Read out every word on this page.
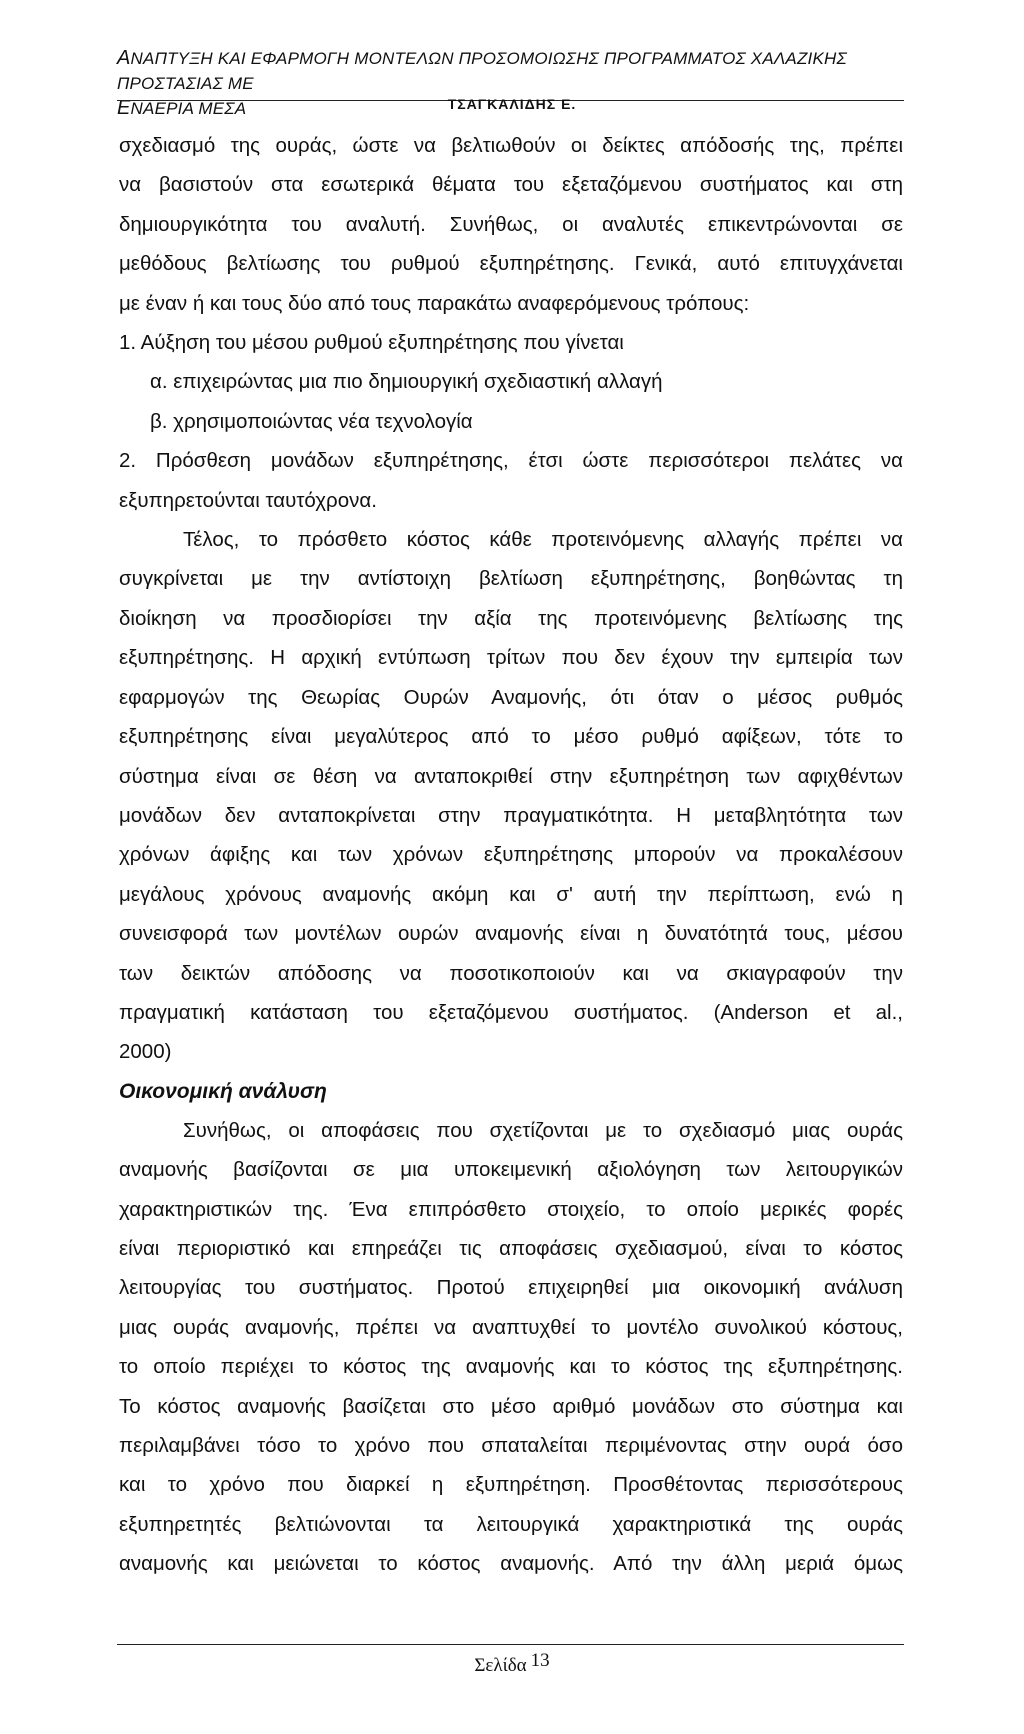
ΑΝΑΠΤΥΞΗ ΚΑΙ ΕΦΑΡΜΟΓΗ ΜΟΝΤΕΛΩΝ ΠΡΟΣΟΜΟΙΩΣΗΣ ΠΡΟΓΡΑΜΜΑΤΟΣ ΧΑΛΑΖΙΚΗΣ ΠΡΟΣΤΑΣΙΑΣ ΜΕ
ΕΝΑΕΡΙΑ ΜΕΣΑ	ΤΣΑΓΚΑΛΙΔΗΣ Ε.

σχεδιασμό της ουράς, ώστε να βελτιωθούν οι δείκτες απόδοσής της, πρέπει
να βασιστούν στα εσωτερικά θέματα του εξεταζόμενου συστήματος και στη
δημιουργικότητα του αναλυτή. Συνήθως, οι αναλυτές επικεντρώνονται σε
μεθόδους βελτίωσης του ρυθμού εξυπηρέτησης. Γενικά, αυτό επιτυγχάνεται
με έναν ή και τους δύο από τους παρακάτω αναφερόμενους τρόπους:

1. Αύξηση του μέσου ρυθμού εξυπηρέτησης που γίνεται

α. επιχειρώντας μια πιο δημιουργική σχεδιαστική αλλαγή

β. χρησιμοποιώντας νέα τεχνολογία

2. Πρόσθεση μονάδων εξυπηρέτησης, έτσι ώστε περισσότεροι πελάτες να
εξυπηρετούνται ταυτόχρονα.

Τέλος, το πρόσθετο κόστος κάθε προτεινόμενης αλλαγής πρέπει να
συγκρίνεται με την αντίστοιχη βελτίωση εξυπηρέτησης, βοηθώντας τη
διοίκηση να προσδιορίσει την αξία της προτεινόμενης βελτίωσης της
εξυπηρέτησης. Η αρχική εντύπωση τρίτων που δεν έχουν την εμπειρία των
εφαρμογών της Θεωρίας Ουρών Αναμονής, ότι όταν ο μέσος ρυθμός
εξυπηρέτησης είναι μεγαλύτερος από το μέσο ρυθμό αφίξεων, τότε το
σύστημα είναι σε θέση να ανταποκριθεί στην εξυπηρέτηση των αφιχθέντων
μονάδων δεν ανταποκρίνεται στην πραγματικότητα. Η μεταβλητότητα των
χρόνων άφιξης και των χρόνων εξυπηρέτησης μπορούν να προκαλέσουν
μεγάλους χρόνους αναμονής ακόμη και σ' αυτή την περίπτωση, ενώ η
συνεισφορά των μοντέλων ουρών αναμονής είναι η δυνατότητά τους, μέσου
των δεικτών απόδοσης να ποσοτικοποιούν και να σκιαγραφούν την
πραγματική κατάσταση του εξεταζόμενου συστήματος. (Anderson et al.,
2000)

Οικονομική ανάλυση

Συνήθως, οι αποφάσεις που σχετίζονται με το σχεδιασμό μιας ουράς
αναμονής βασίζονται σε μια υποκειμενική αξιολόγηση των λειτουργικών
χαρακτηριστικών της. Ένα επιπρόσθετο στοιχείο, το οποίο μερικές φορές
είναι περιοριστικό και επηρεάζει τις αποφάσεις σχεδιασμού, είναι το κόστος
λειτουργίας του συστήματος. Προτού επιχειρηθεί μια οικονομική ανάλυση
μιας ουράς αναμονής, πρέπει να αναπτυχθεί το μοντέλο συνολικού κόστους,
το οποίο περιέχει το κόστος της αναμονής και το κόστος της εξυπηρέτησης.
Το κόστος αναμονής βασίζεται στο μέσο αριθμό μονάδων στο σύστημα και
περιλαμβάνει τόσο το χρόνο που σπαταλείται περιμένοντας στην ουρά όσο
και το χρόνο που διαρκεί η εξυπηρέτηση. Προσθέτοντας περισσότερους
εξυπηρετητές βελτιώνονται τα λειτουργικά χαρακτηριστικά της ουράς
αναμονής και μειώνεται το κόστος αναμονής. Από την άλλη μεριά όμως

Σελίδα 13
